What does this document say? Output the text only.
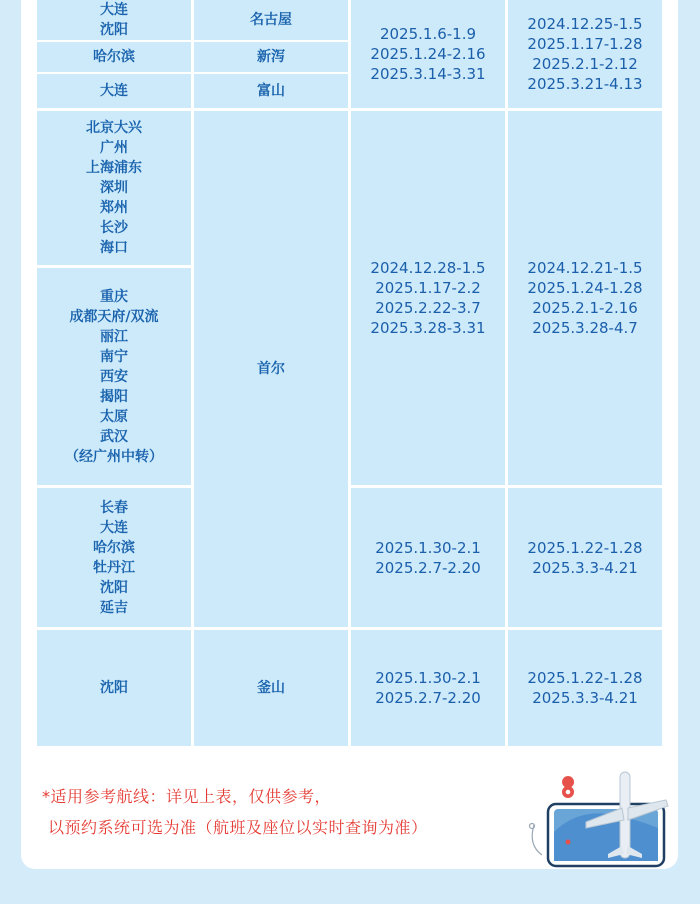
大连
沈阳
哈尔滨
大连
名古屋
新泻
富山
2025.1.6-1.9
2025.1.24-2.16
2025.3.14-3.31
2024.12.25-1.5
2025.1.17-1.28
2025.2.1-2.12
2025.3.21-4.13
北京大兴
广州
上海浦东
深圳
郑州
长沙
海口
重庆
成都天府/双流
丽江
南宁
西安
揭阳
太原
武汉
（经广州中转）
长春
大连
哈尔滨
牡丹江
沈阳
延吉
首尔
2024.12.28-1.5
2025.1.17-2.2
2025.2.22-3.7
2025.3.28-3.31
2024.12.21-1.5
2025.1.24-1.28
2025.2.1-2.16
2025.3.28-4.7
2025.1.30-2.1
2025.2.7-2.20
2025.1.22-1.28
2025.3.3-4.21
沈阳	釜山
2025.1.30-2.1
2025.2.7-2.20
2025.1.22-1.28
2025.3.3-4.21
*适用参考航线：详见上表，仅供参考，
以预约系统可选为准（航班及座位以实时查询为准）
